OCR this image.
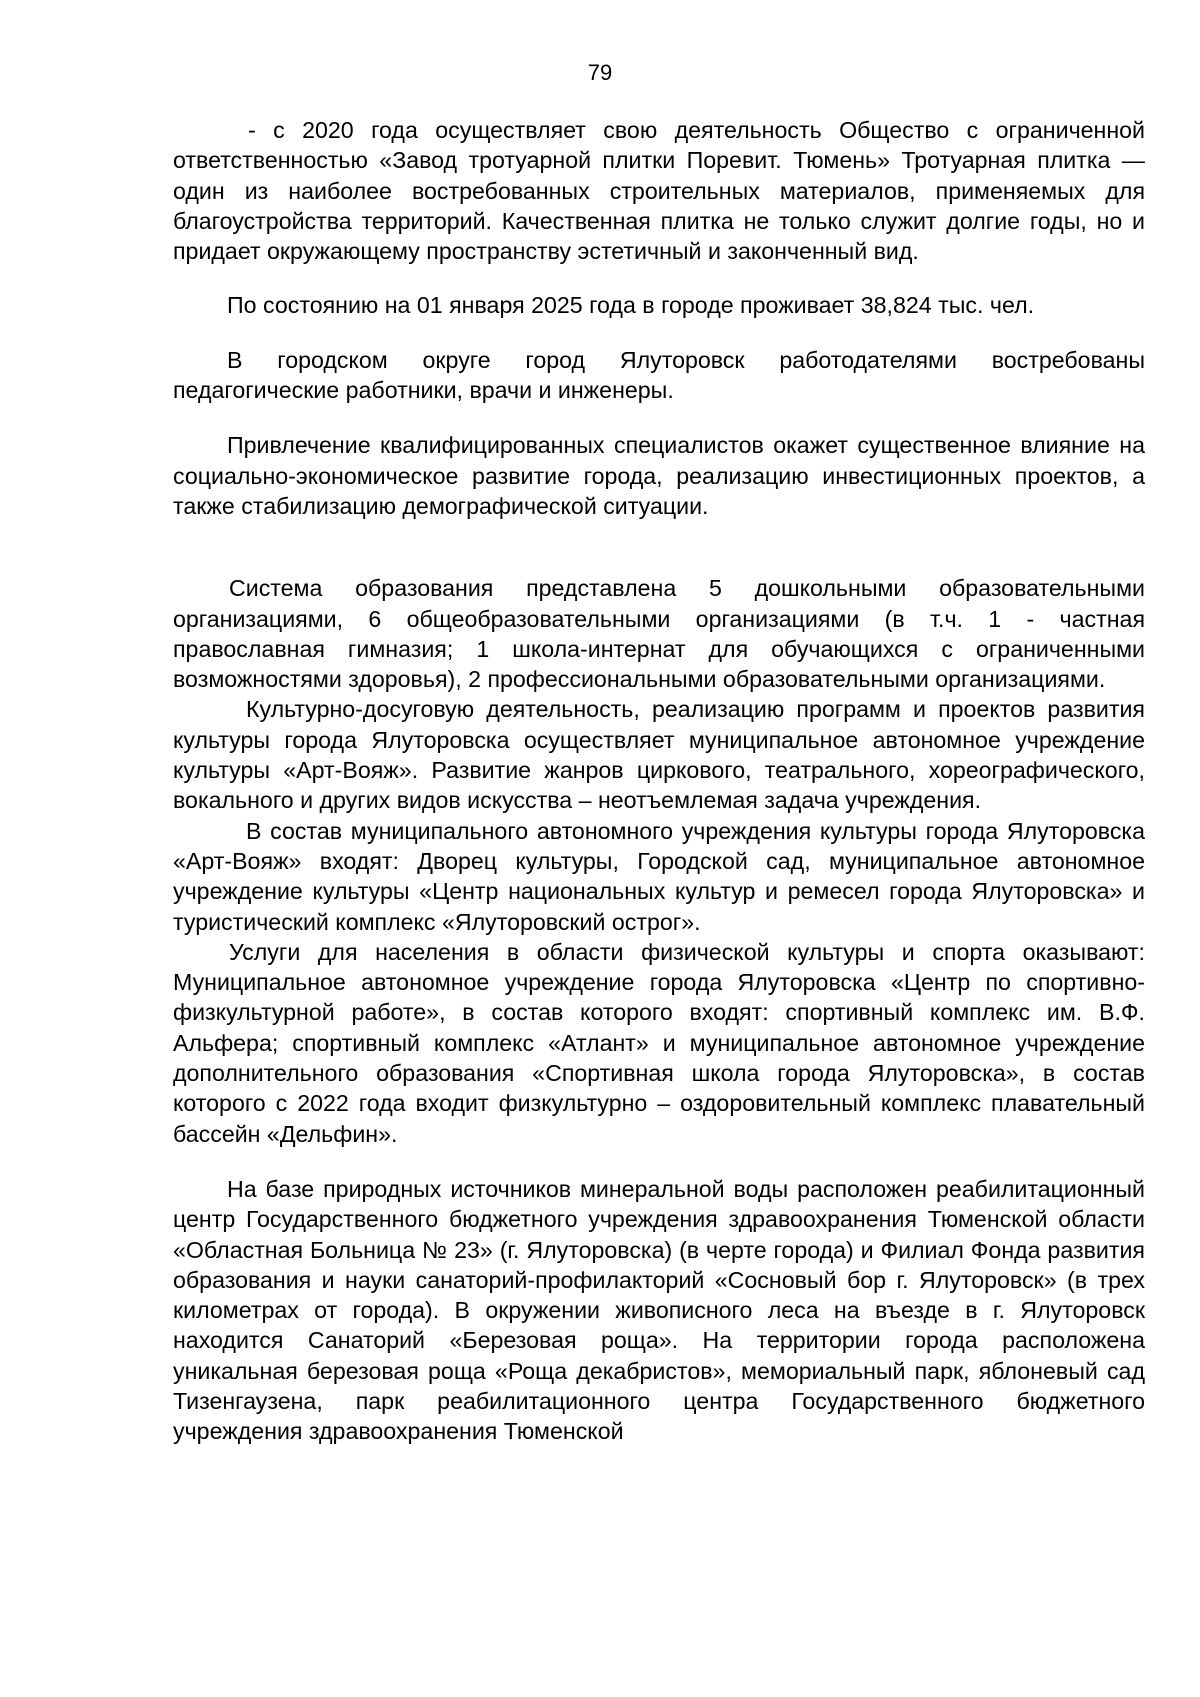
79

- с 2020 года осуществляет свою деятельность Общество с ограниченной ответственностью «Завод тротуарной плитки Поревит. Тюмень» Тротуарная плитка — один из наиболее востребованных строительных материалов, применяемых для благоустройства территорий. Качественная плитка не только служит долгие годы, но и придает окружающему пространству эстетичный и законченный вид.

По состоянию на 01 января 2025 года в городе проживает 38,824 тыс. чел.

В городском округе город Ялуторовск работодателями востребованы педагогические работники, врачи и инженеры.

Привлечение квалифицированных специалистов окажет существенное влияние на социально-экономическое развитие города, реализацию инвестиционных проектов, а также стабилизацию демографической ситуации.

Система образования представлена 5 дошкольными образовательными организациями, 6 общеобразовательными организациями (в т.ч. 1 - частная православная гимназия; 1 школа-интернат для обучающихся с ограниченными возможностями здоровья), 2 профессиональными образовательными организациями.

Культурно-досуговую деятельность, реализацию программ и проектов развития культуры города Ялуторовска осуществляет муниципальное автономное учреждение культуры «Арт-Вояж». Развитие жанров циркового, театрального, хореографического, вокального и других видов искусства – неотъемлемая задача учреждения.

В состав муниципального автономного учреждения культуры города Ялуторовска «Арт-Вояж» входят: Дворец культуры, Городской сад, муниципальное автономное учреждение культуры «Центр национальных культур и ремесел города Ялуторовска» и туристический комплекс «Ялуторовский острог».

Услуги для населения в области физической культуры и спорта оказывают: Муниципальное автономное учреждение города Ялуторовска «Центр по спортивно-физкультурной работе», в состав которого входят: спортивный комплекс им. В.Ф. Альфера; спортивный комплекс «Атлант» и муниципальное автономное учреждение дополнительного образования «Спортивная школа города Ялуторовска», в состав которого с 2022 года входит физкультурно – оздоровительный комплекс плавательный бассейн «Дельфин».

На базе природных источников минеральной воды расположен реабилитационный центр Государственного бюджетного учреждения здравоохранения Тюменской области «Областная Больница № 23» (г. Ялуторовска) (в черте города) и Филиал Фонда развития образования и науки санаторий-профилакторий «Сосновый бор г. Ялуторовск» (в трех километрах от города). В окружении живописного леса на въезде в г. Ялуторовск находится Санаторий «Березовая роща». На территории города расположена уникальная березовая роща «Роща декабристов», мемориальный парк, яблоневый сад Тизенгаузена, парк реабилитационного центра Государственного бюджетного учреждения здравоохранения Тюменской
